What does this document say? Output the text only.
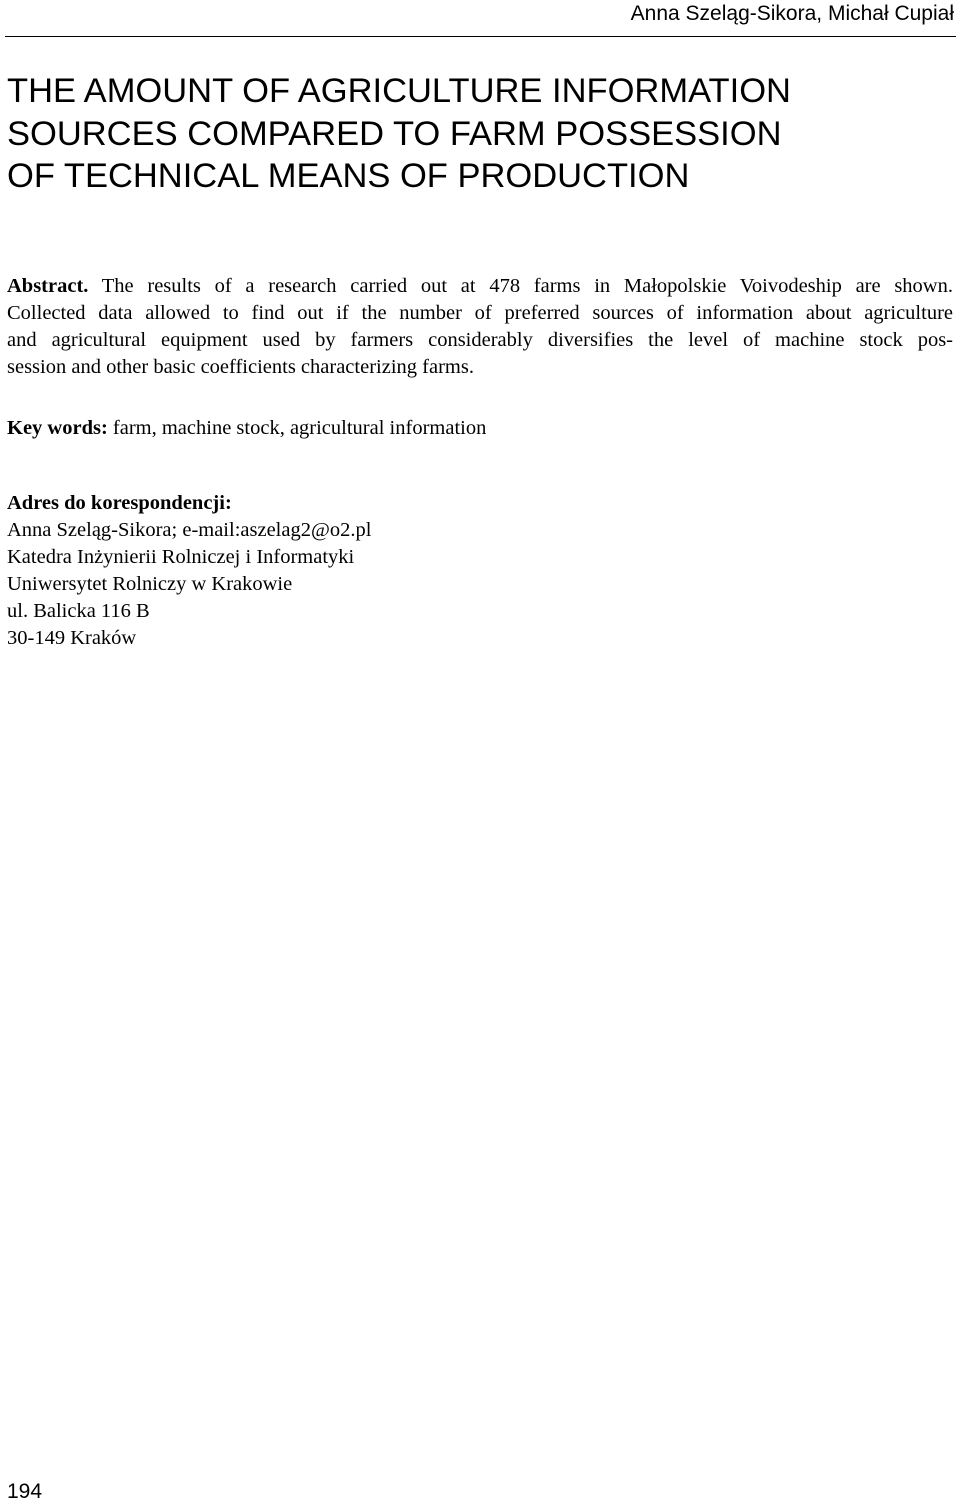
Anna Szeląg-Sikora, Michał Cupiał
THE AMOUNT OF AGRICULTURE INFORMATION
SOURCES COMPARED TO FARM POSSESSION
OF TECHNICAL MEANS OF PRODUCTION
Abstract. The results of a research carried out at 478 farms in Małopolskie Voivodeship are shown.
Collected data allowed to find out if the number of preferred sources of information about agriculture
and agricultural equipment used by farmers considerably diversifies the level of machine stock pos-
session and other basic coefficients characterizing farms.
Key words: farm, machine stock, agricultural information
Adres do korespondencji:
Anna Szeląg-Sikora; e-mail:aszelag2@o2.pl
Katedra Inżynierii Rolniczej i Informatyki
Uniwersytet Rolniczy w Krakowie
ul. Balicka 116 B
30-149 Kraków
194
